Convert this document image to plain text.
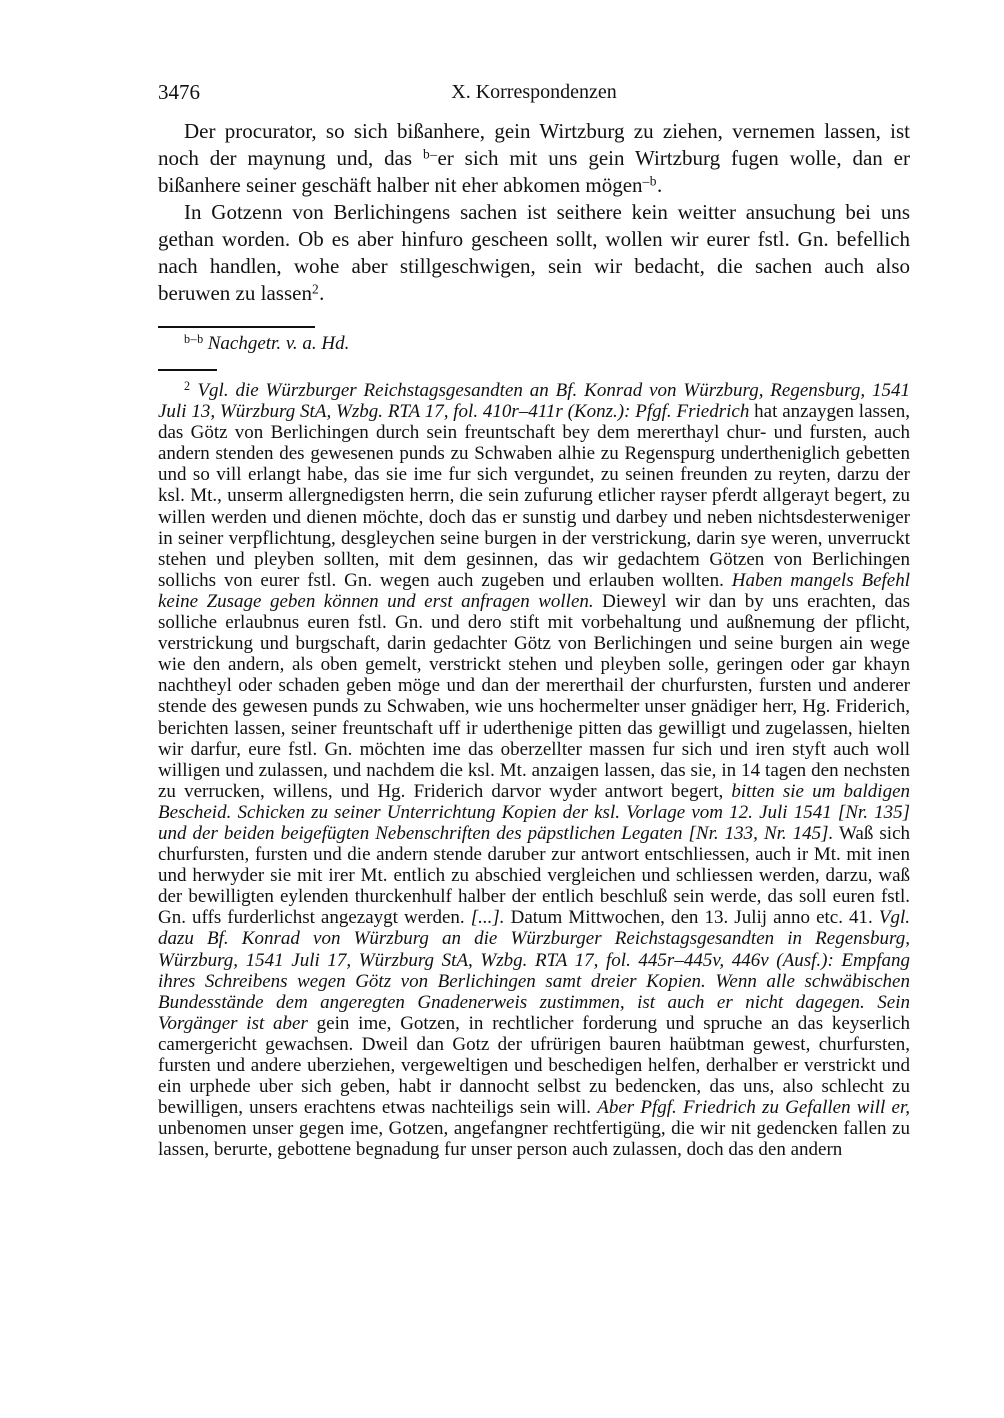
3476	X. Korrespondenzen

Der procurator, so sich bißanhere, gein Wirtzburg zu ziehen, vernemen lassen, ist noch der maynung und, das $^{b-}$er sich mit uns gein Wirtzburg fugen wolle, dan er bißanhere seiner geschäft halber nit eher abkomen mögen$^{-b}$.

In Gotzenn von Berlichingens sachen ist seithere kein weitter ansuchung bei uns gethan worden. Ob es aber hinfuro gescheen sollt, wollen wir eurer fstl. Gn. befellich nach handlen, wohe aber stillgeschwigen, sein wir bedacht, die sachen auch also beruwen zu lassen$^2$.

$^{b-b}$ Nachgetr. v. a. Hd.

$^2$ Vgl. die Würzburger Reichstagsgesandten an Bf. Konrad von Würzburg, Regensburg, 1541 Juli 13, Würzburg StA, Wzbg. RTA 17, fol. 410r–411r (Konz.): Pfgf. Friedrich hat anzaygen lassen, das Götz von Berlichingen durch sein freuntschaft bey dem mererthayl chur- und fursten, auch andern stenden des gewesenen punds zu Schwaben alhie zu Regenspurg undertheniglich gebetten und so vill erlangt habe, das sie ime fur sich vergundet, zu seinen freunden zu reyten, darzu der ksl. Mt., unserm allergnedigsten herrn, die sein zufurung etlicher rayser pferdt allgerayt begert, zu willen werden und dienen möchte, doch das er sunstig und darbey und neben nichtsdesterweniger in seiner verpflichtung, desgleychen seine burgen in der verstrickung, darin sye weren, unverruckt stehen und pleyben sollten, mit dem gesinnen, das wir gedachtem Götzen von Berlichingen sollichs von eurer fstl. Gn. wegen auch zugeben und erlauben wollten. Haben mangels Befehl keine Zusage geben können und erst anfragen wollen. Dieweyl wir dan by uns erachten, das solliche erlaubnus euren fstl. Gn. und dero stift mit vorbehaltung und außnemung der pflicht, verstrickung und burgschaft, darin gedachter Götz von Berlichingen und seine burgen ain wege wie den andern, als oben gemelt, verstrickt stehen und pleyben solle, geringen oder gar khayn nachtheyl oder schaden geben möge und dan der mererthail der churfursten, fursten und anderer stende des gewesen punds zu Schwaben, wie uns hochermelter unser gnädiger herr, Hg. Friderich, berichten lassen, seiner freuntschaft uff ir uderthenige pitten das gewilligt und zugelassen, hielten wir darfur, eure fstl. Gn. möchten ime das oberzellter massen fur sich und iren styft auch woll willigen und zulassen, und nachdem die ksl. Mt. anzaigen lassen, das sie, in 14 tagen den nechsten zu verrucken, willens, und Hg. Friderich darvor wyder antwort begert, bitten sie um baldigen Bescheid. Schicken zu seiner Unterrichtung Kopien der ksl. Vorlage vom 12. Juli 1541 [Nr. 135] und der beiden beigefügten Nebenschriften des päpstlichen Legaten [Nr. 133, Nr. 145]. Waß sich churfursten, fursten und die andern stende daruber zur antwort entschliessen, auch ir Mt. mit inen und herwyder sie mit irer Mt. entlich zu abschied vergleichen und schliessen werden, darzu, waß der bewilligten eylenden thurckenhulf halber der entlich beschluß sein werde, das soll euren fstl. Gn. uffs furderlichst angezaygt werden. [...]. Datum Mittwochen, den 13. Julij anno etc. 41. Vgl. dazu Bf. Konrad von Würzburg an die Würzburger Reichstagsgesandten in Regensburg, Würzburg, 1541 Juli 17, Würzburg StA, Wzbg. RTA 17, fol. 445r–445v, 446v (Ausf.): Empfang ihres Schreibens wegen Götz von Berlichingen samt dreier Kopien. Wenn alle schwäbischen Bundesstände dem angeregten Gnadenerweis zustimmen, ist auch er nicht dagegen. Sein Vorgänger ist aber gein ime, Gotzen, in rechtlicher forderung und spruche an das keyserlich camergericht gewachsen. Dweil dan Gotz der ufrürigen bauren haübtman gewest, churfursten, fursten und andere uberziehen, vergeweltigen und beschedigen helfen, derhalber er verstrickt und ein urphede uber sich geben, habt ir dannocht selbst zu bedencken, das uns, also schlecht zu bewilligen, unsers erachtens etwas nachteiligs sein will. Aber Pfgf. Friedrich zu Gefallen will er, unbenomen unser gegen ime, Gotzen, angefangner rechtfertigüng, die wir nit gedencken fallen zu lassen, berurte, gebottene begnadung fur unser person auch zulassen, doch das den andern
